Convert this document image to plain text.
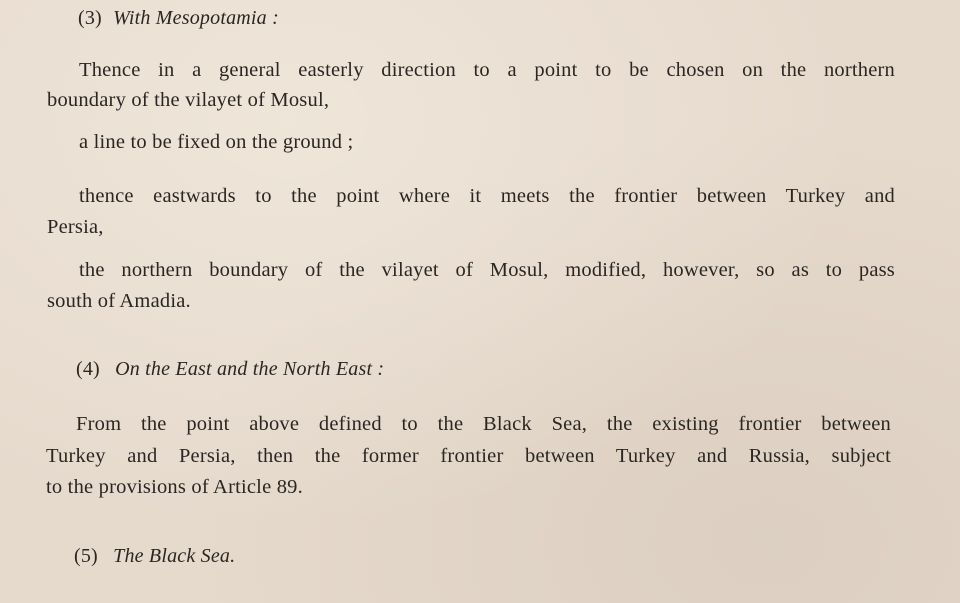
(3) With Mesopotamia :
Thence in a general easterly direction to a point to be chosen on the northern
boundary of the vilayet of Mosul,
a line to be fixed on the ground ;
thence eastwards to the point where it meets the frontier between Turkey and
Persia,
the northern boundary of the vilayet of Mosul, modified, however, so as to pass
south of Amadia.
(4) On the East and the North East :
From the point above defined to the Black Sea, the existing frontier between
Turkey and Persia, then the former frontier between Turkey and Russia, subject
to the provisions of Article 89.
(5) The Black Sea.
